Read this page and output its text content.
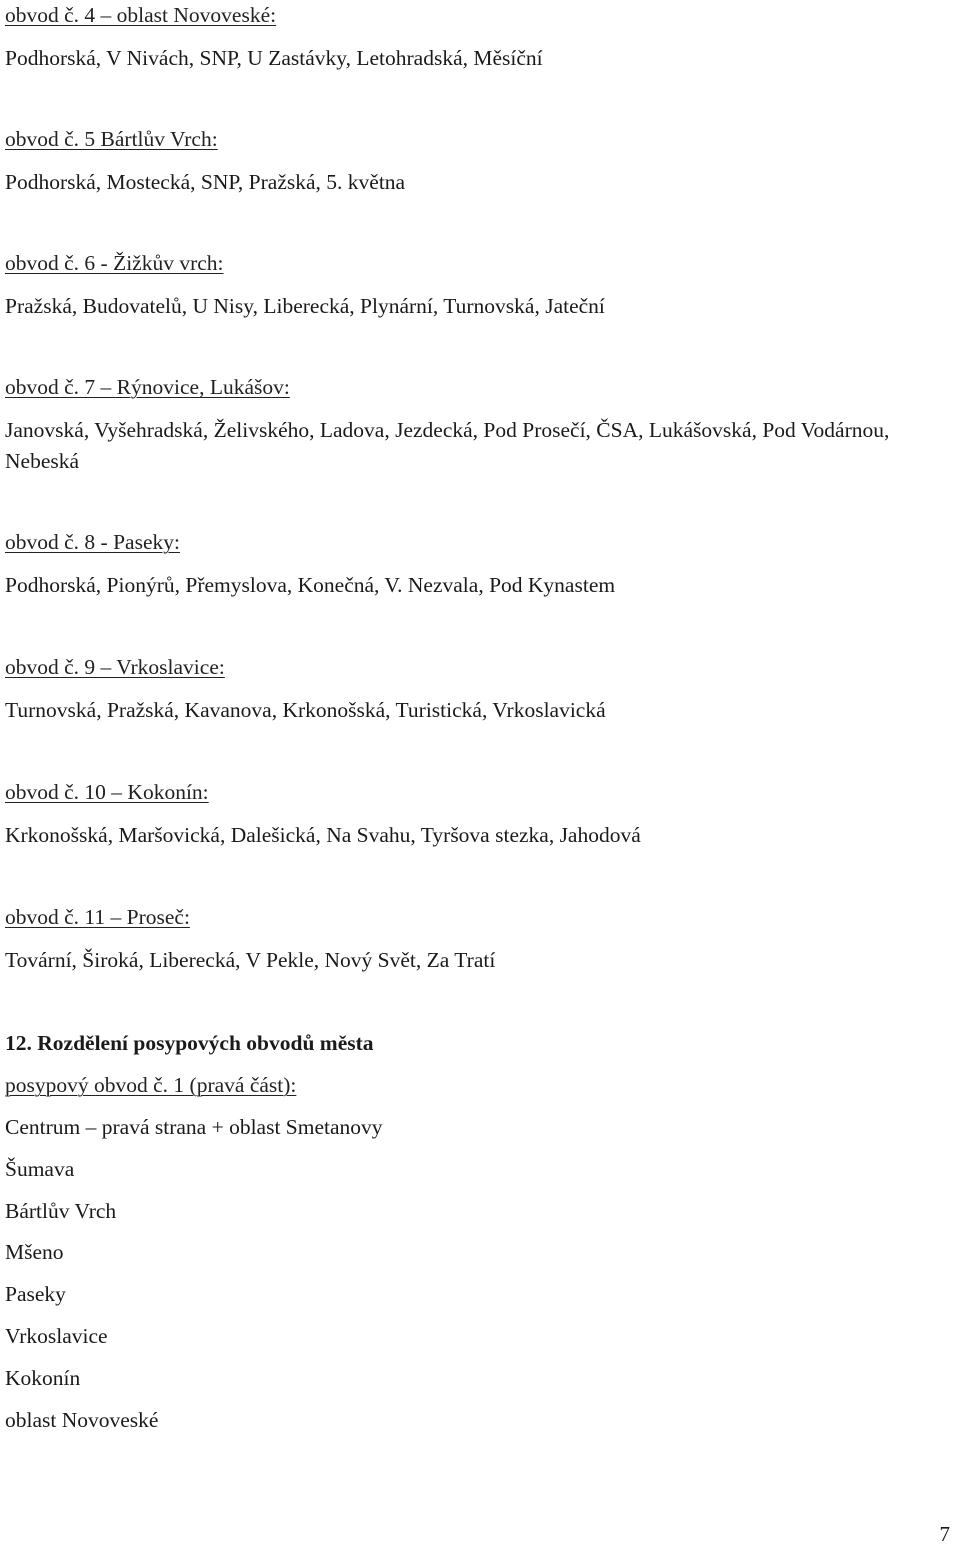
obvod č. 4 – oblast Novoveské:
Podhorská, V Nivách, SNP, U Zastávky, Letohradská, Měsíční
obvod č. 5 Bártlův Vrch:
Podhorská, Mostecká, SNP, Pražská, 5. května
obvod č. 6 - Žižkův vrch:
Pražská, Budovatelů, U Nisy, Liberecká, Plynární, Turnovská, Jateční
obvod č. 7 – Rýnovice, Lukášov:
Janovská, Vyšehradská, Želivského, Ladova, Jezdecká, Pod Prosečí, ČSA, Lukášovská, Pod Vodárnou, Nebeská
obvod č. 8 - Paseky:
Podhorská, Pionýrů, Přemyslova, Konečná, V. Nezvala, Pod Kynastem
obvod č. 9 – Vrkoslavice:
Turnovská, Pražská, Kavanova, Krkonošská, Turistická, Vrkoslavická
obvod č. 10 – Kokonín:
Krkonošská, Maršovická, Dalešická, Na Svahu, Tyršova stezka, Jahodová
obvod č. 11 – Proseč:
Tovární, Široká, Liberecká, V Pekle, Nový Svět, Za Tratí
12. Rozdělení posypových obvodů města
posypový obvod č. 1 (pravá část):
Centrum – pravá strana + oblast Smetanovy
Šumava
Bártlův Vrch
Mšeno
Paseky
Vrkoslavice
Kokonín
oblast Novoveské
7
